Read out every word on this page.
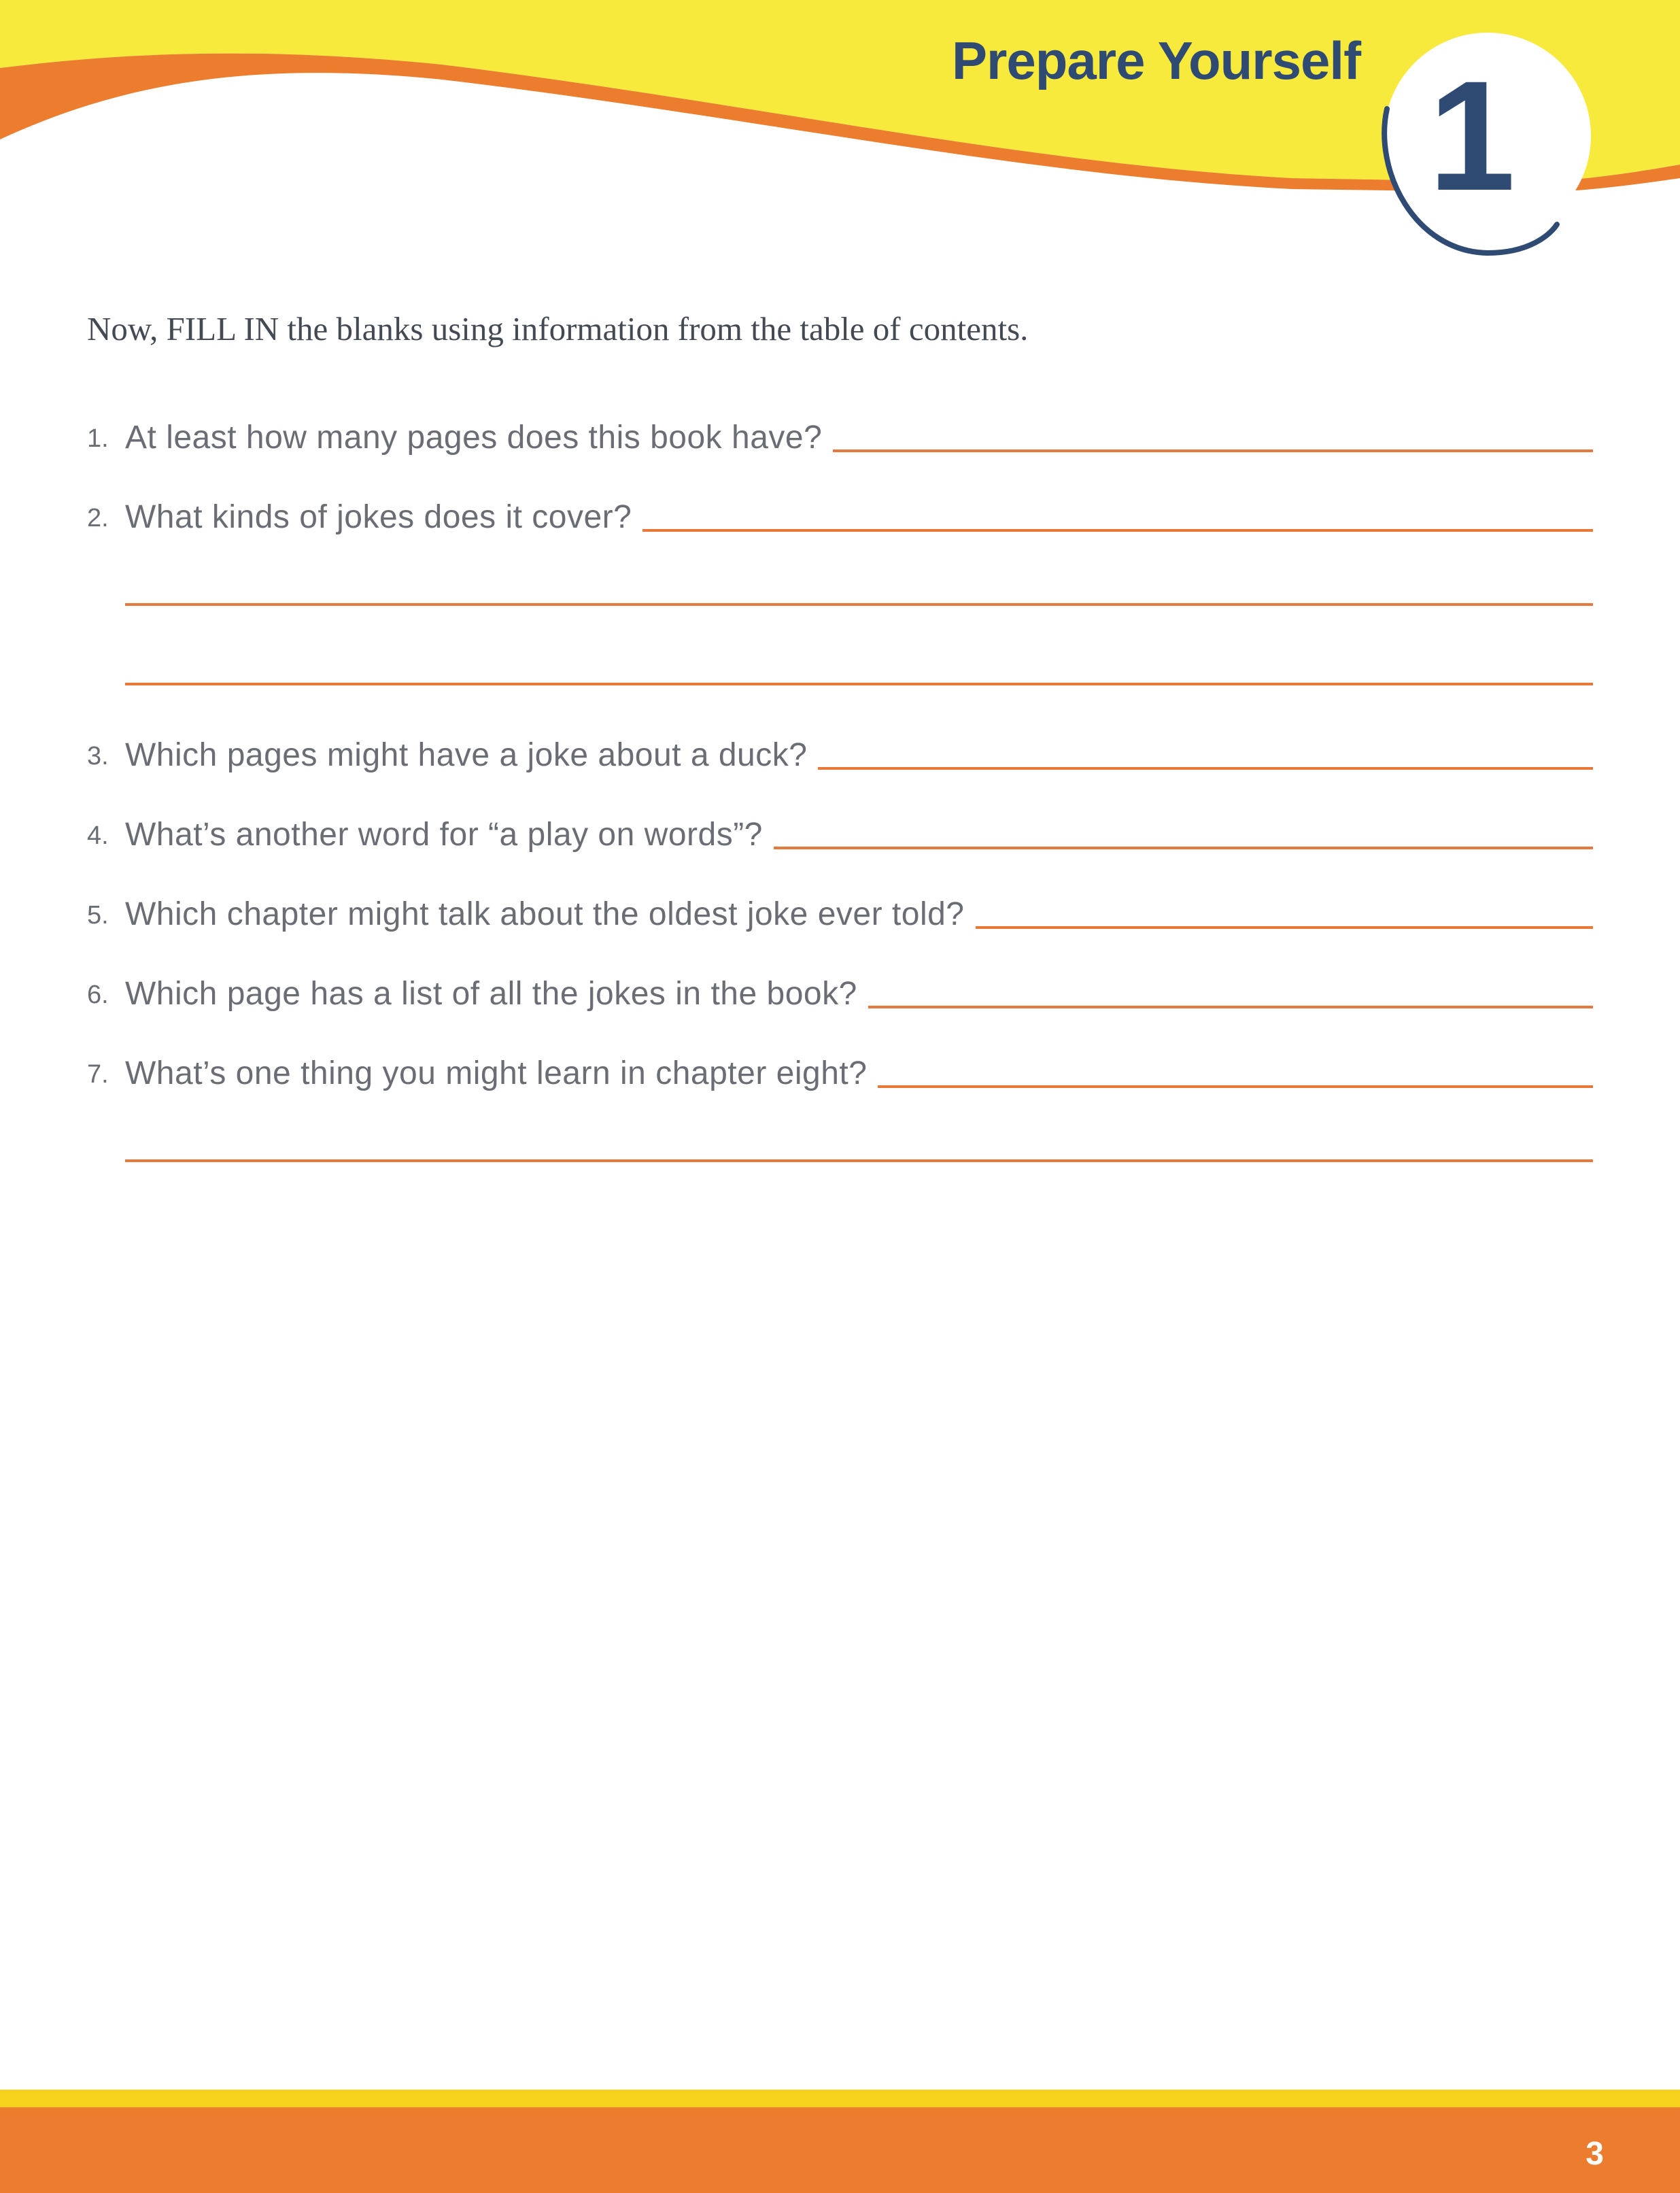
Prepare Yourself 1

Now, FILL IN the blanks using information from the table of contents.

1. At least how many pages does this book have?
2. What kinds of jokes does it cover?
3. Which pages might have a joke about a duck?
4. What’s another word for “a play on words”?
5. Which chapter might talk about the oldest joke ever told?
6. Which page has a list of all the jokes in the book?
7. What’s one thing you might learn in chapter eight?
3
